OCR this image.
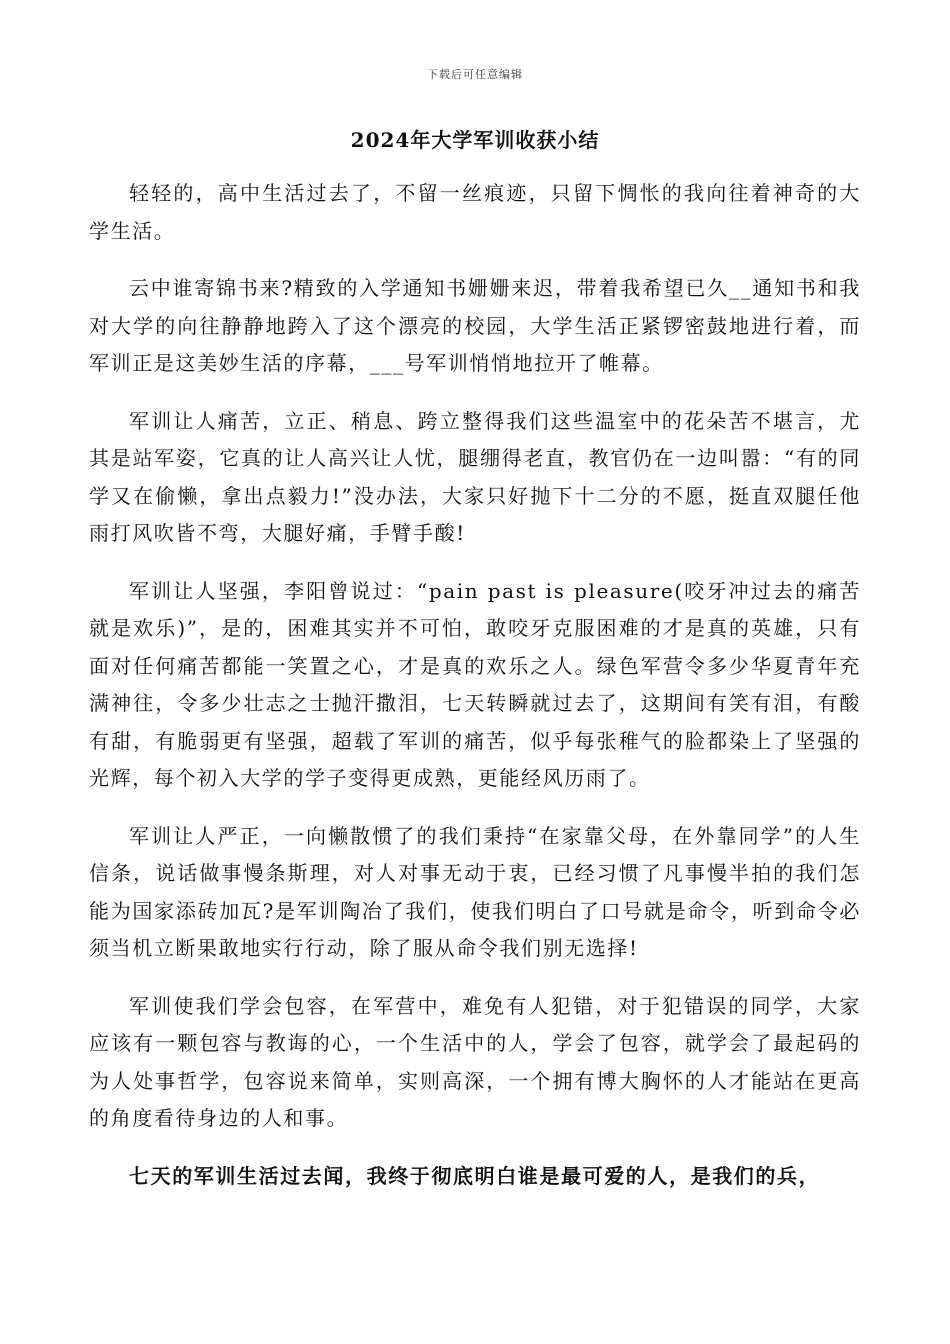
下载后可任意编辑
2024年大学军训收获小结

轻轻的，高中生活过去了，不留一丝痕迹，只留下惆怅的我向往着神奇的大学生活。

云中谁寄锦书来?精致的入学通知书姗姗来迟，带着我希望已久__通知书和我对大学的向往静静地跨入了这个漂亮的校园，大学生活正紧锣密鼓地进行着，而军训正是这美妙生活的序幕，___号军训悄悄地拉开了帷幕。

军训让人痛苦，立正、稍息、跨立整得我们这些温室中的花朵苦不堪言，尤其是站军姿，它真的让人高兴让人忧，腿绷得老直，教官仍在一边叫嚣：“有的同学又在偷懒，拿出点毅力!”没办法，大家只好抛下十二分的不愿，挺直双腿任他雨打风吹皆不弯，大腿好痛，手臂手酸!

军训让人坚强，李阳曾说过：“pain past is pleasure(咬牙冲过去的痛苦就是欢乐)”，是的，困难其实并不可怕，敢咬牙克服困难的才是真的英雄，只有面对任何痛苦都能一笑置之心，才是真的欢乐之人。绿色军营令多少华夏青年充满神往，令多少壮志之士抛汗撒泪，七天转瞬就过去了，这期间有笑有泪，有酸有甜，有脆弱更有坚强，超载了军训的痛苦，似乎每张稚气的脸都染上了坚强的光辉，每个初入大学的学子变得更成熟，更能经风历雨了。

军训让人严正，一向懒散惯了的我们秉持“在家靠父母，在外靠同学”的人生信条，说话做事慢条斯理，对人对事无动于衷，已经习惯了凡事慢半拍的我们怎能为国家添砖加瓦?是军训陶冶了我们，使我们明白了口号就是命令，听到命令必须当机立断果敢地实行行动，除了服从命令我们别无选择!

军训使我们学会包容，在军营中，难免有人犯错，对于犯错误的同学，大家应该有一颗包容与教诲的心，一个生活中的人，学会了包容，就学会了最起码的为人处事哲学，包容说来简单，实则高深，一个拥有博大胸怀的人才能站在更高的角度看待身边的人和事。

七天的军训生活过去闻，我终于彻底明白谁是最可爱的人，是我们的兵，
